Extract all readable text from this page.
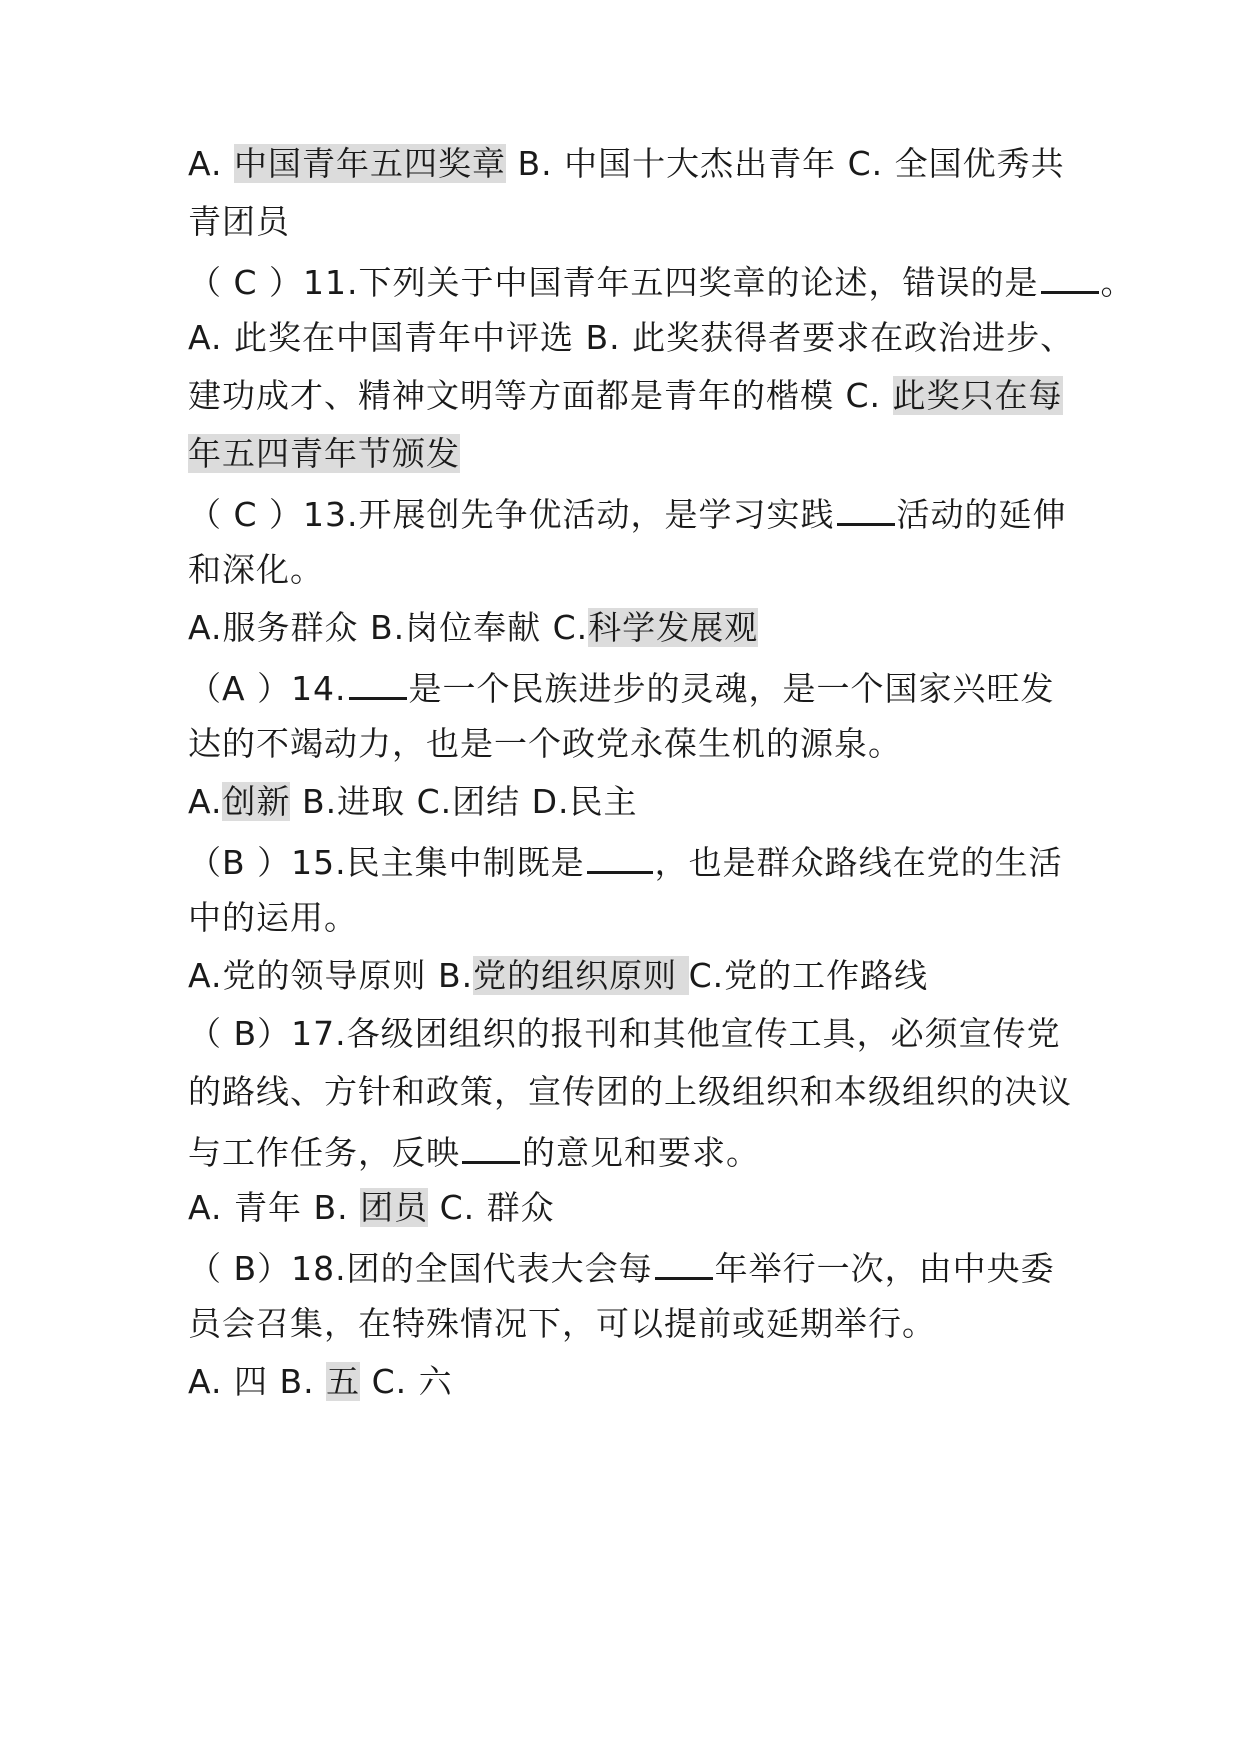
A. 中国青年五四奖章 B. 中国十大杰出青年 C. 全国优秀共
青团员
（ C ）11.下列关于中国青年五四奖章的论述，错误的是 。
A. 此奖在中国青年中评选 B. 此奖获得者要求在政治进步、
建功成才、精神文明等方面都是青年的楷模 C. 此奖只在每
年五四青年节颁发
（ C ）13.开展创先争优活动，是学习实践 活动的延伸
和深化。
A.服务群众 B.岗位奉献 C.科学发展观
（A ）14. 是一个民族进步的灵魂，是一个国家兴旺发
达的不竭动力，也是一个政党永葆生机的源泉。
A.创新 B.进取 C.团结 D.民主
（B ）15.民主集中制既是 ，也是群众路线在党的生活
中的运用。
A.党的领导原则 B.党的组织原则 C.党的工作路线
（ B）17.各级团组织的报刊和其他宣传工具，必须宣传党
的路线、方针和政策，宣传团的上级组织和本级组织的决议
与工作任务，反映 的意见和要求。
A. 青年 B. 团员 C. 群众
（ B）18.团的全国代表大会每 年举行一次，由中央委
员会召集，在特殊情况下，可以提前或延期举行。
A. 四 B. 五 C. 六
